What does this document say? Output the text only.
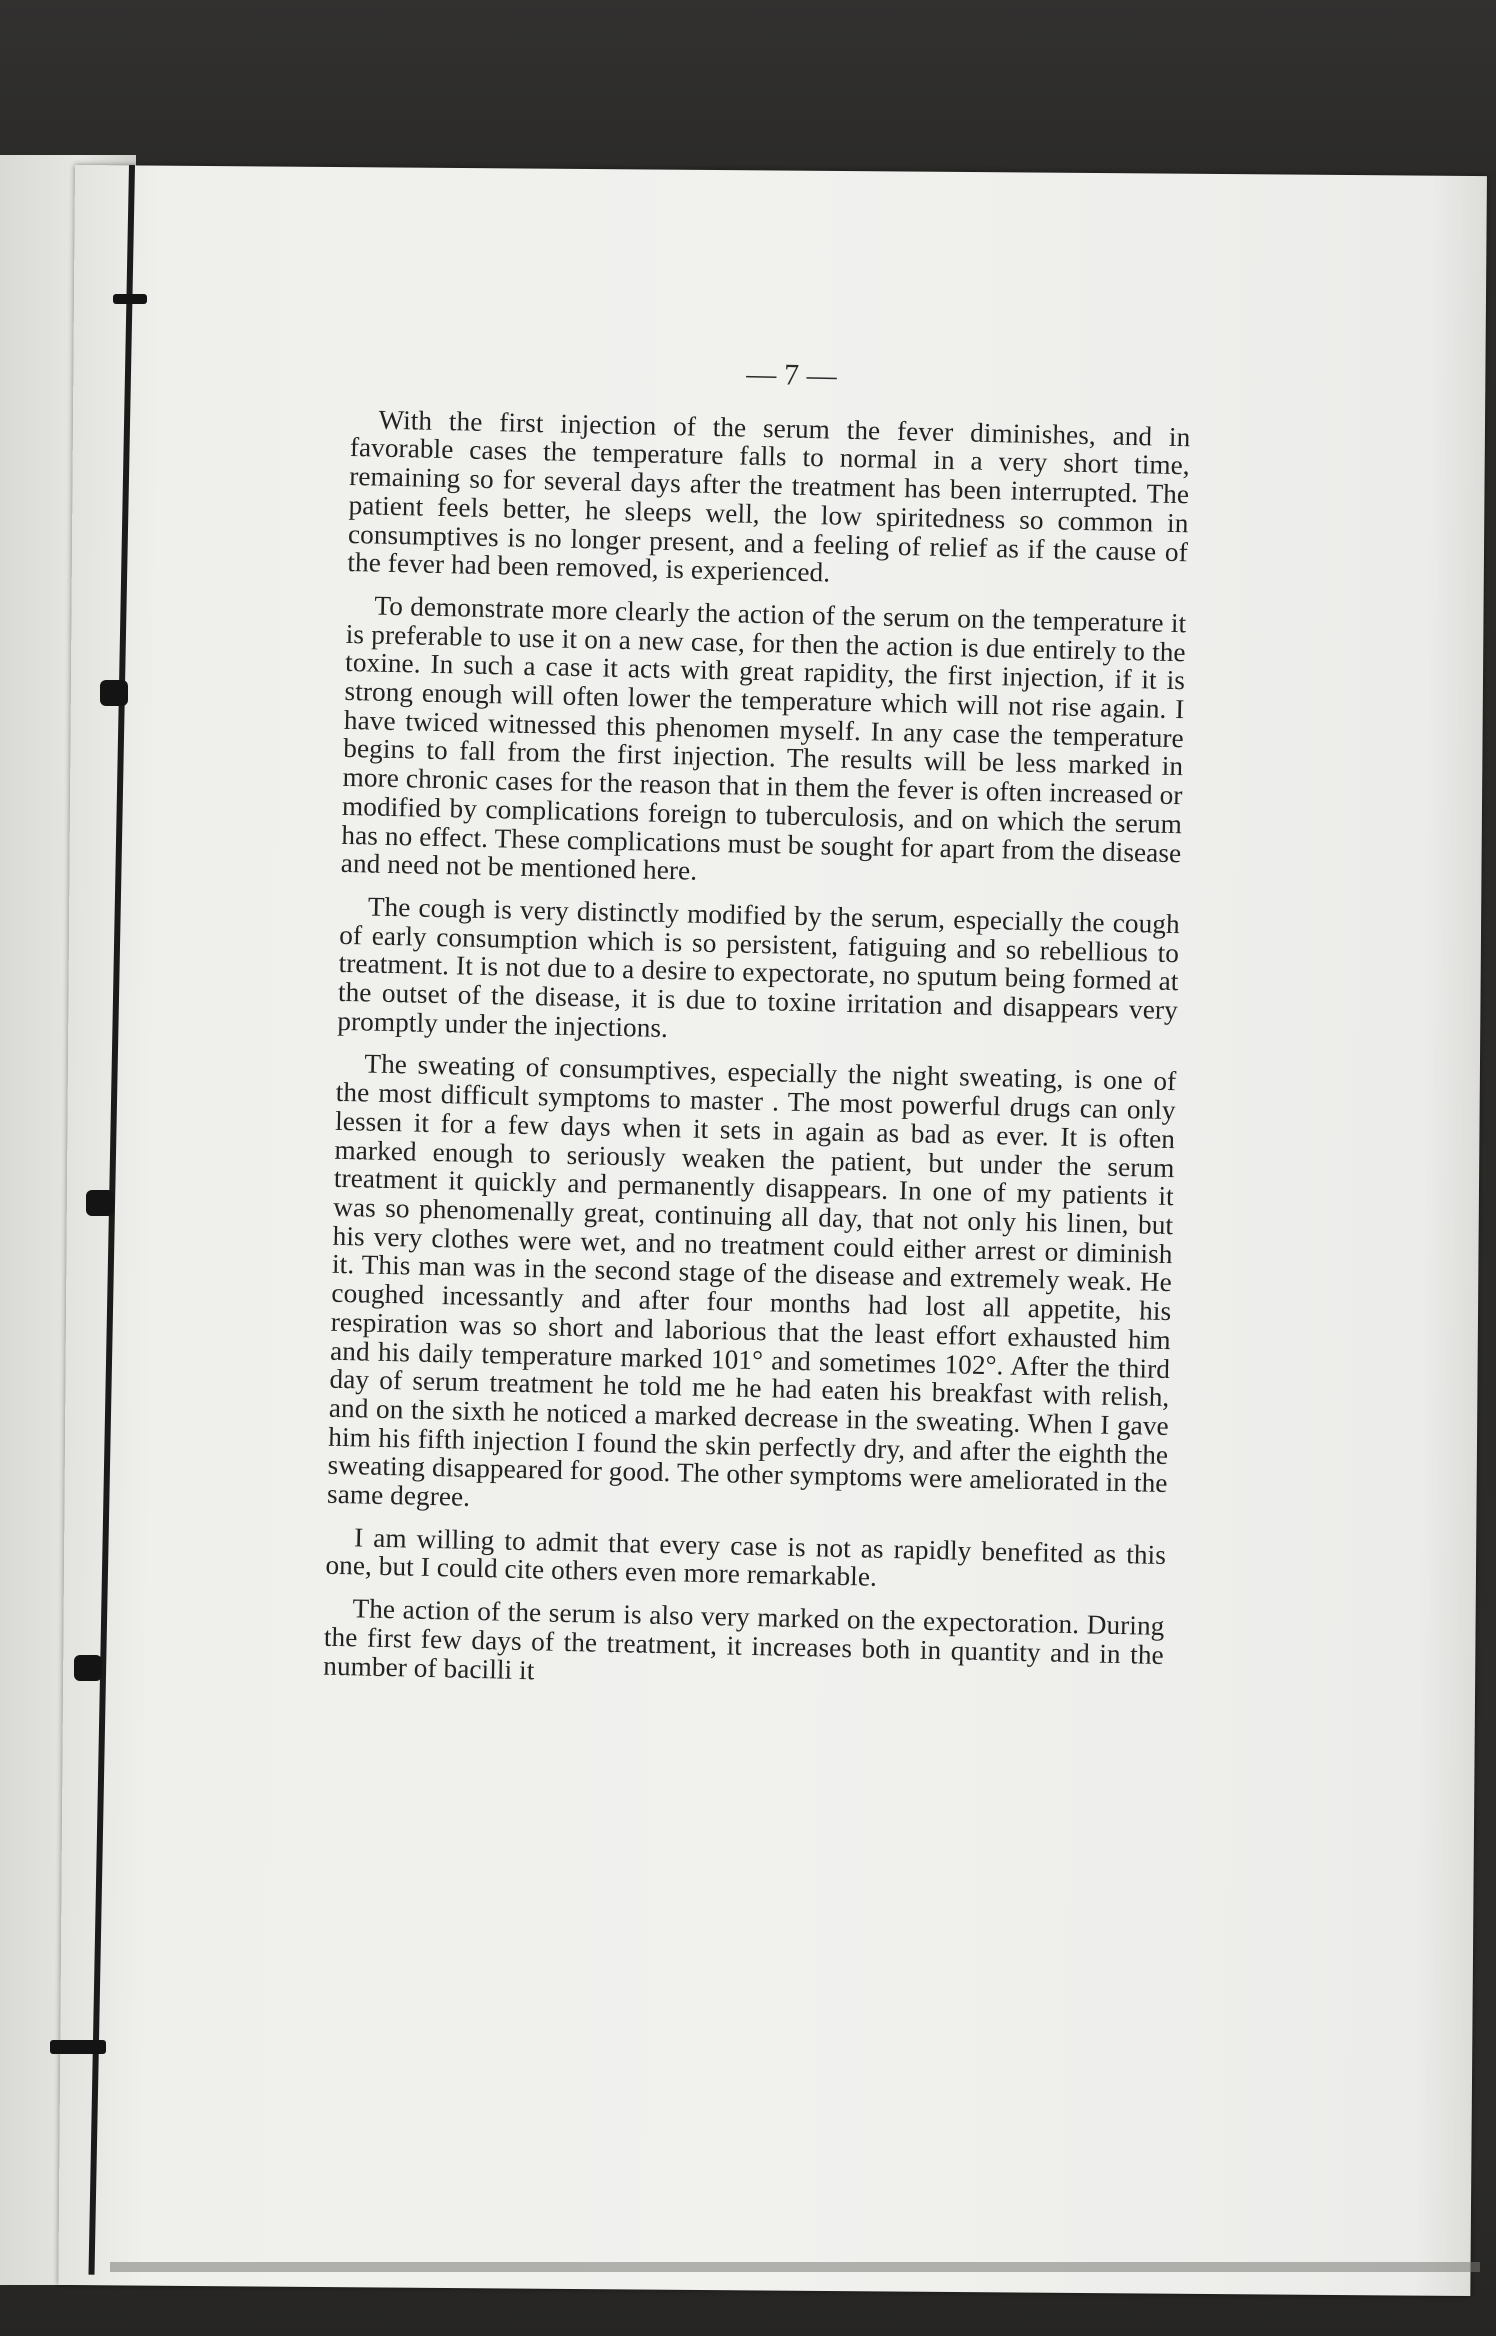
— 7 —

With the first injection of the serum the fever diminishes, and in favorable cases the temperature falls to normal in a very short time, remaining so for several days after the treatment has been interrupted. The patient feels better, he sleeps well, the low spiritedness so common in consumptives is no longer present, and a feeling of relief as if the cause of the fever had been removed, is experienced.

To demonstrate more clearly the action of the serum on the temperature it is preferable to use it on a new case, for then the action is due entirely to the toxine. In such a case it acts with great rapidity, the first injection, if it is strong enough will often lower the temperature which will not rise again. I have twiced witnessed this phenomen myself. In any case the temperature begins to fall from the first injection. The results will be less marked in more chronic cases for the reason that in them the fever is often increased or modified by complications foreign to tuberculosis, and on which the serum has no effect. These complications must be sought for apart from the disease and need not be mentioned here.

The cough is very distinctly modified by the serum, especially the cough of early consumption which is so persistent, fatiguing and so rebellious to treatment. It is not due to a desire to expectorate, no sputum being formed at the outset of the disease, it is due to toxine irritation and disappears very promptly under the injections.

The sweating of consumptives, especially the night sweating, is one of the most difficult symptoms to master . The most powerful drugs can only lessen it for a few days when it sets in again as bad as ever. It is often marked enough to seriously weaken the patient, but under the serum treatment it quickly and permanently disappears. In one of my patients it was so phenomenally great, continuing all day, that not only his linen, but his very clothes were wet, and no treatment could either arrest or diminish it. This man was in the second stage of the disease and extremely weak. He coughed incessantly and after four months had lost all appetite, his respiration was so short and laborious that the least effort exhausted him and his daily temperature marked 101° and sometimes 102°. After the third day of serum treatment he told me he had eaten his breakfast with relish, and on the sixth he noticed a marked decrease in the sweating. When I gave him his fifth injection I found the skin perfectly dry, and after the eighth the sweating disappeared for good. The other symptoms were ameliorated in the same degree.

I am willing to admit that every case is not as rapidly benefited as this one, but I could cite others even more remarkable.

The action of the serum is also very marked on the expectoration. During the first few days of the treatment, it increases both in quantity and in the number of bacilli it
